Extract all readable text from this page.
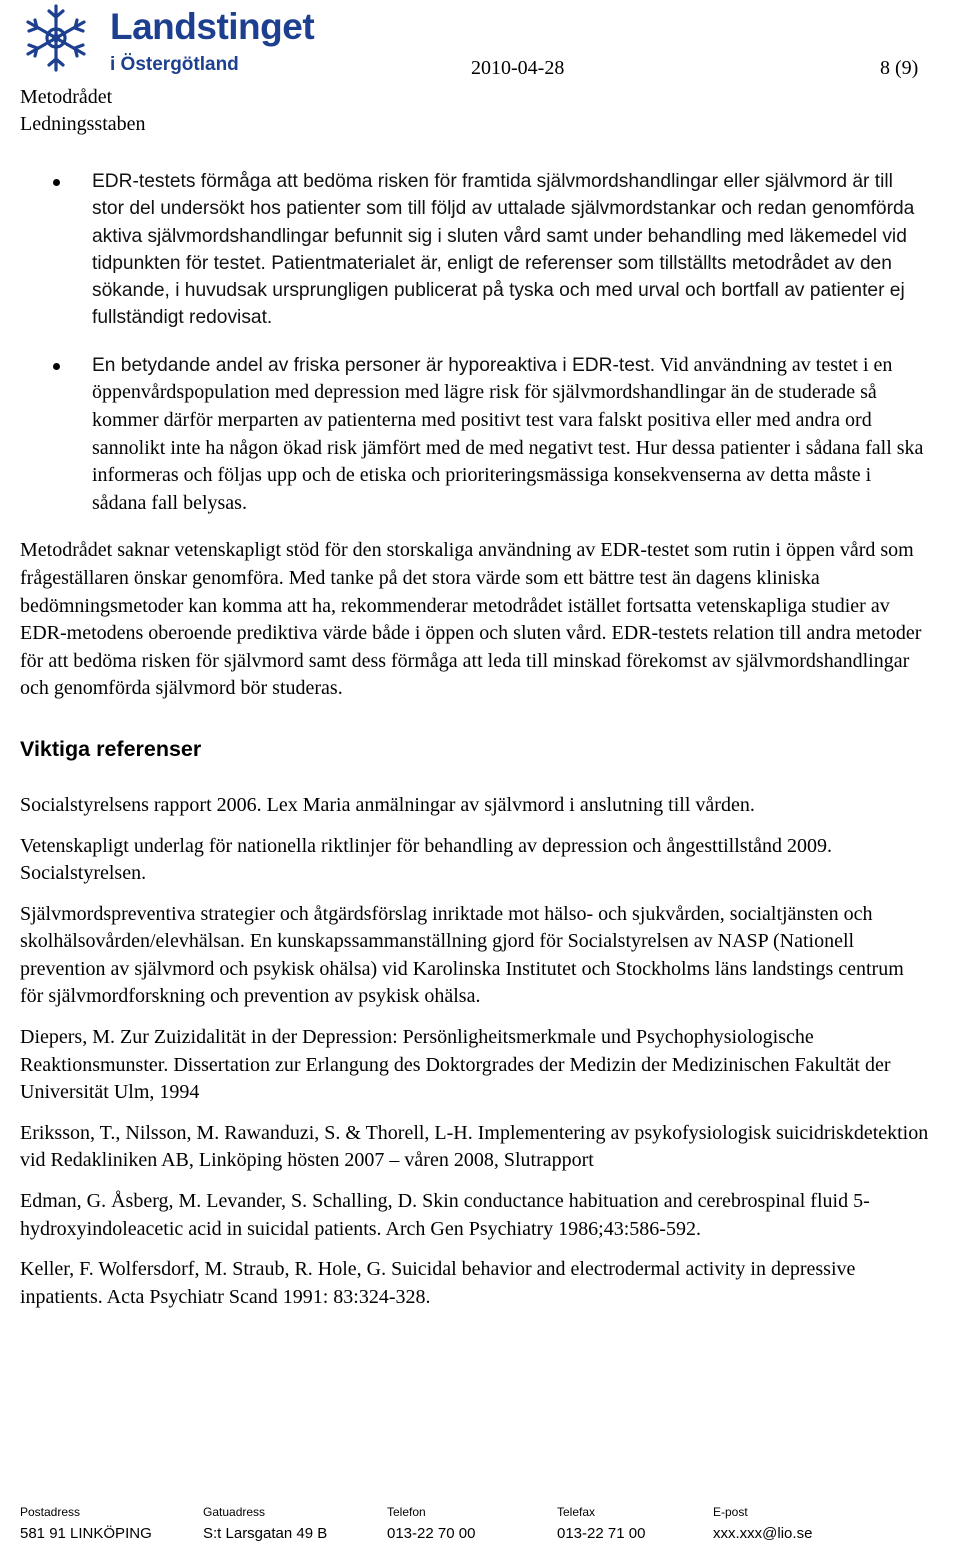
Landstinget
i Östergötland	2010-04-28	8 (9)
Metodrådet
Ledningsstaben
EDR-testets förmåga att bedöma risken för framtida självmordshandlingar eller självmord är till stor del undersökt hos patienter som till följd av uttalade självmordstankar och redan genomförda aktiva självmordshandlingar befunnit sig i sluten vård samt under behandling med läkemedel vid tidpunkten för testet. Patientmaterialet är, enligt de referenser som tillställts metodrådet av den sökande, i huvudsak ursprungligen publicerat på tyska och med urval och bortfall av patienter ej fullständigt redovisat.
En betydande andel av friska personer är hyporeaktiva i EDR-test. Vid användning av testet i en öppenvårdspopulation med depression med lägre risk för självmordshandlingar än de studerade så kommer därför merparten av patienterna med positivt test vara falskt positiva eller med andra ord sannolikt inte ha någon ökad risk jämfört med de med negativt test. Hur dessa patienter i sådana fall ska informeras och följas upp och de etiska och prioriteringsmässiga konsekvenserna av detta måste i sådana fall belysas.

Metodrådet saknar vetenskapligt stöd för den storskaliga användning av EDR-testet som rutin i öppen vård som frågeställaren önskar genomföra. Med tanke på det stora värde som ett bättre test än dagens kliniska bedömningsmetoder kan komma att ha, rekommenderar metodrådet istället fortsatta vetenskapliga studier av EDR-metodens oberoende prediktiva värde både i öppen och sluten vård. EDR-testets relation till andra metoder för att bedöma risken för självmord samt dess förmåga att leda till minskad förekomst av självmordshandlingar och genomförda självmord bör studeras.

Viktiga referenser
Socialstyrelsens rapport 2006. Lex Maria anmälningar av självmord i anslutning till vården.
Vetenskapligt underlag för nationella riktlinjer för behandling av depression och ångesttillstånd 2009. Socialstyrelsen.
Självmordspreventiva strategier och åtgärdsförslag inriktade mot hälso- och sjukvården, socialtjänsten och skolhälsovården/elevhälsan. En kunskapssammanställning gjord för Socialstyrelsen av NASP (Nationell prevention av självmord och psykisk ohälsa) vid Karolinska Institutet och Stockholms läns landstings centrum för självmordforskning och prevention av psykisk ohälsa.
Diepers, M. Zur Zuizidalität in der Depression: Persönligheitsmerkmale und Psychophysiologische Reaktionsmunster. Dissertation zur Erlangung des Doktorgrades der Medizin der Medizinischen Fakultät der Universität Ulm, 1994
Eriksson, T., Nilsson, M. Rawanduzi, S. & Thorell, L-H. Implementering av psykofysiologisk suicidriskdetektion vid Redakliniken AB, Linköping hösten 2007 – våren 2008, Slutrapport
Edman, G. Åsberg, M. Levander, S. Schalling, D. Skin conductance habituation and cerebrospinal fluid 5-hydroxyindoleacetic acid in suicidal patients. Arch Gen Psychiatry 1986;43:586-592.
Keller, F. Wolfersdorf, M. Straub, R. Hole, G. Suicidal behavior and electrodermal activity in depressive inpatients. Acta Psychiatr Scand 1991: 83:324-328.
Postadress
581 91 LINKÖPING
Gatuadress
S:t Larsgatan 49 B
Telefon
013-22 70 00
Telefax
013-22 71 00
E-post
xxx.xxx@lio.se
